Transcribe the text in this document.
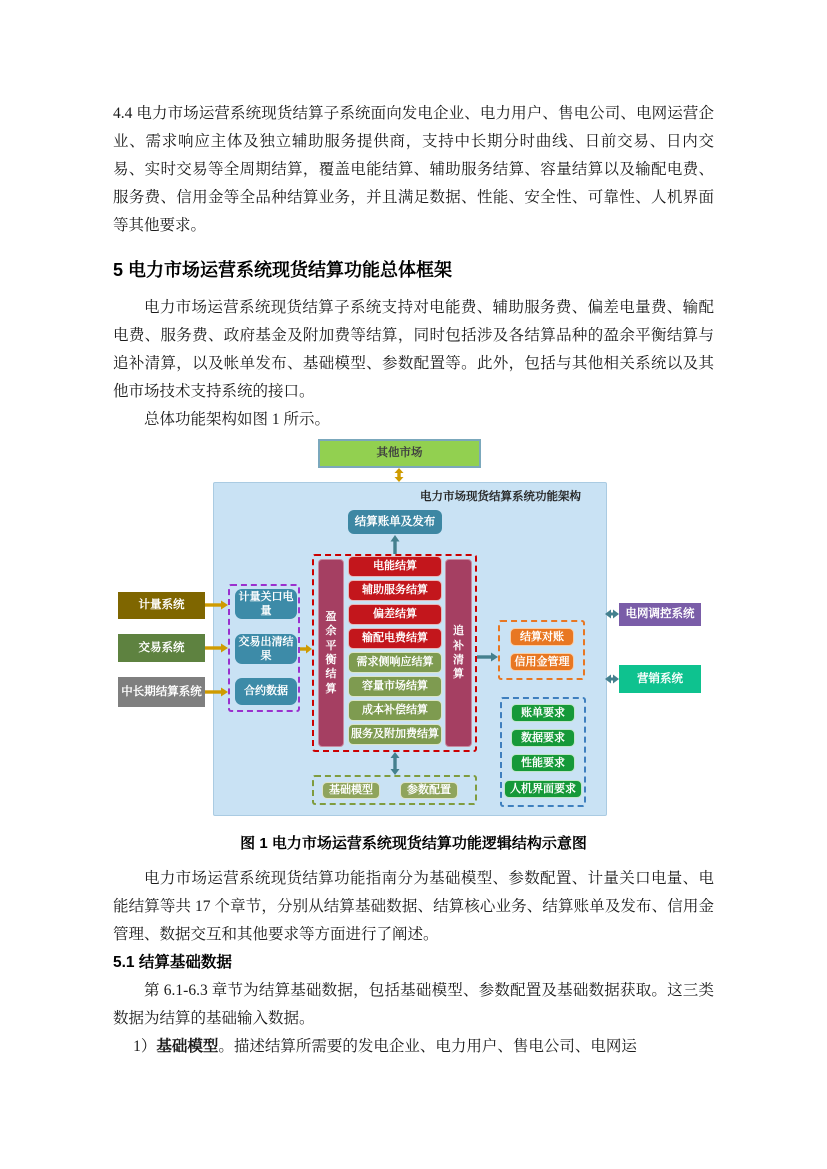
4.4 电力市场运营系统现货结算子系统面向发电企业、电力用户、售电公司、电网运营企业、需求响应主体及独立辅助服务提供商，支持中长期分时曲线、日前交易、日内交易、实时交易等全周期结算，覆盖电能结算、辅助服务结算、容量结算以及输配电费、服务费、信用金等全品种结算业务，并且满足数据、性能、安全性、可靠性、人机界面等其他要求。

5 电力市场运营系统现货结算功能总体框架

电力市场运营系统现货结算子系统支持对电能费、辅助服务费、偏差电量费、输配电费、服务费、政府基金及附加费等结算，同时包括涉及各结算品种的盈余平衡结算与追补清算，以及帐单发布、基础模型、参数配置等。此外，包括与其他相关系统以及其他市场技术支持系统的接口。

总体功能架构如图 1 所示。

其他市场
电力市场现货结算系统功能架构
结算账单及发布
计量系统
交易系统
中长期结算系统
计量关口电量
交易出清结果
合约数据
盈余平衡结算
追补清算
电能结算
辅助服务结算
偏差结算
输配电费结算
需求侧响应结算
容量市场结算
成本补偿结算
服务及附加费结算
结算对账
信用金管理
账单要求
数据要求
性能要求
人机界面要求
基础模型	参数配置
电网调控系统
营销系统

图 1 电力市场运营系统现货结算功能逻辑结构示意图

电力市场运营系统现货结算功能指南分为基础模型、参数配置、计量关口电量、电能结算等共 17 个章节，分别从结算基础数据、结算核心业务、结算账单及发布、信用金管理、数据交互和其他要求等方面进行了阐述。

5.1 结算基础数据

第 6.1-6.3 章节为结算基础数据，包括基础模型、参数配置及基础数据获取。这三类数据为结算的基础输入数据。

1）基础模型。描述结算所需要的发电企业、电力用户、售电公司、电网运
